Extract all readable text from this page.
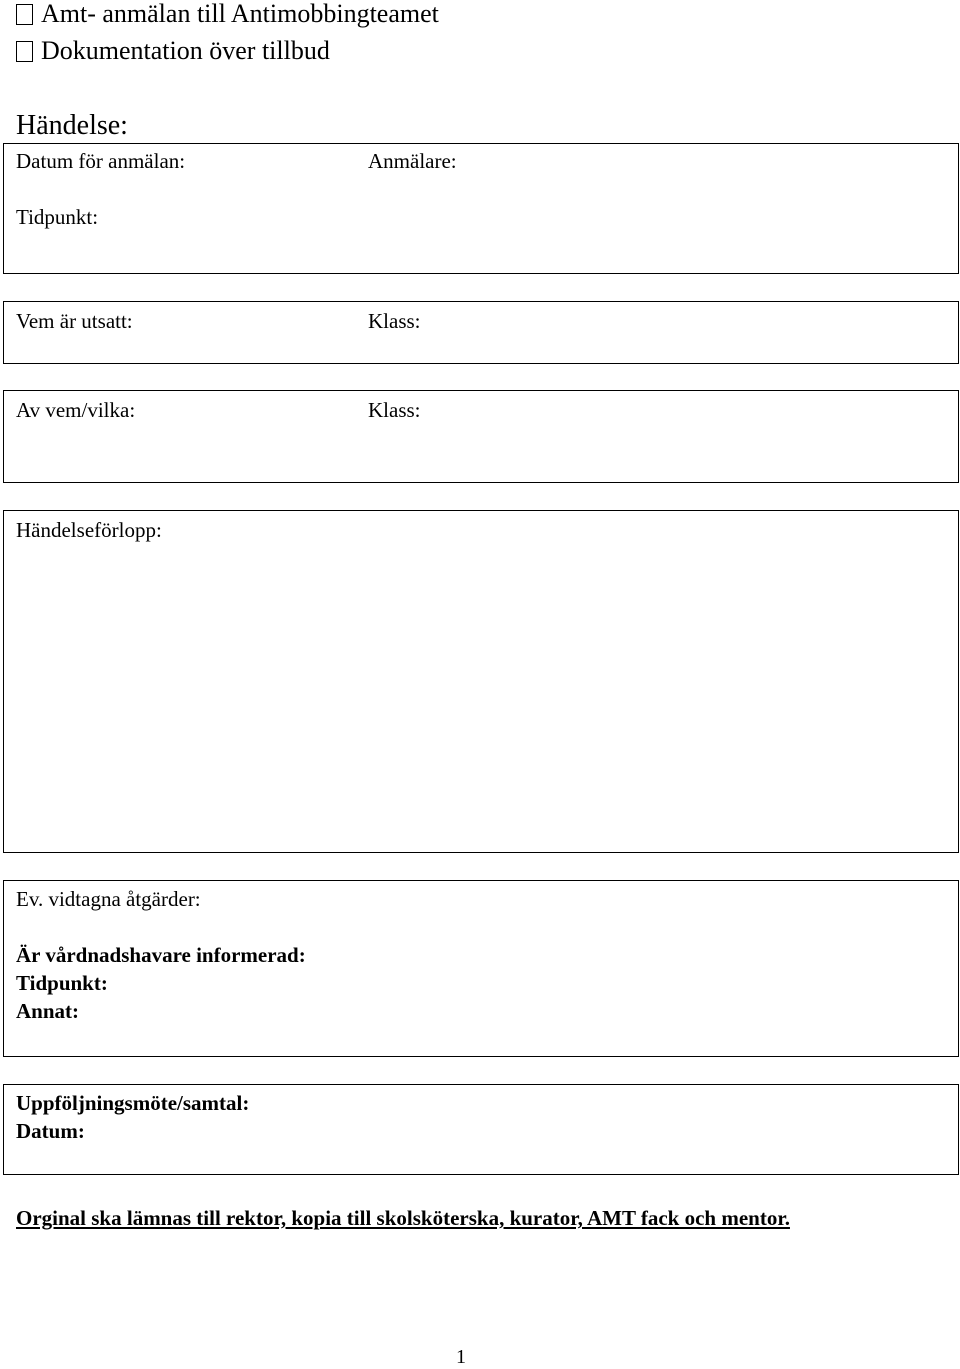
Amt- anmälan till Antimobbingteamet
Dokumentation över tillbud
Händelse:
Datum för anmälan:	Anmälare:
Tidpunkt:
Vem är utsatt:	Klass:
Av vem/vilka:	Klass:
Händelseförlopp:
Ev. vidtagna åtgärder:
Är vårdnadshavare informerad:
Tidpunkt:
Annat:
Uppföljningsmöte/samtal:
Datum:
Orginal ska lämnas till rektor, kopia till skolsköterska, kurator, AMT fack och mentor.
1
